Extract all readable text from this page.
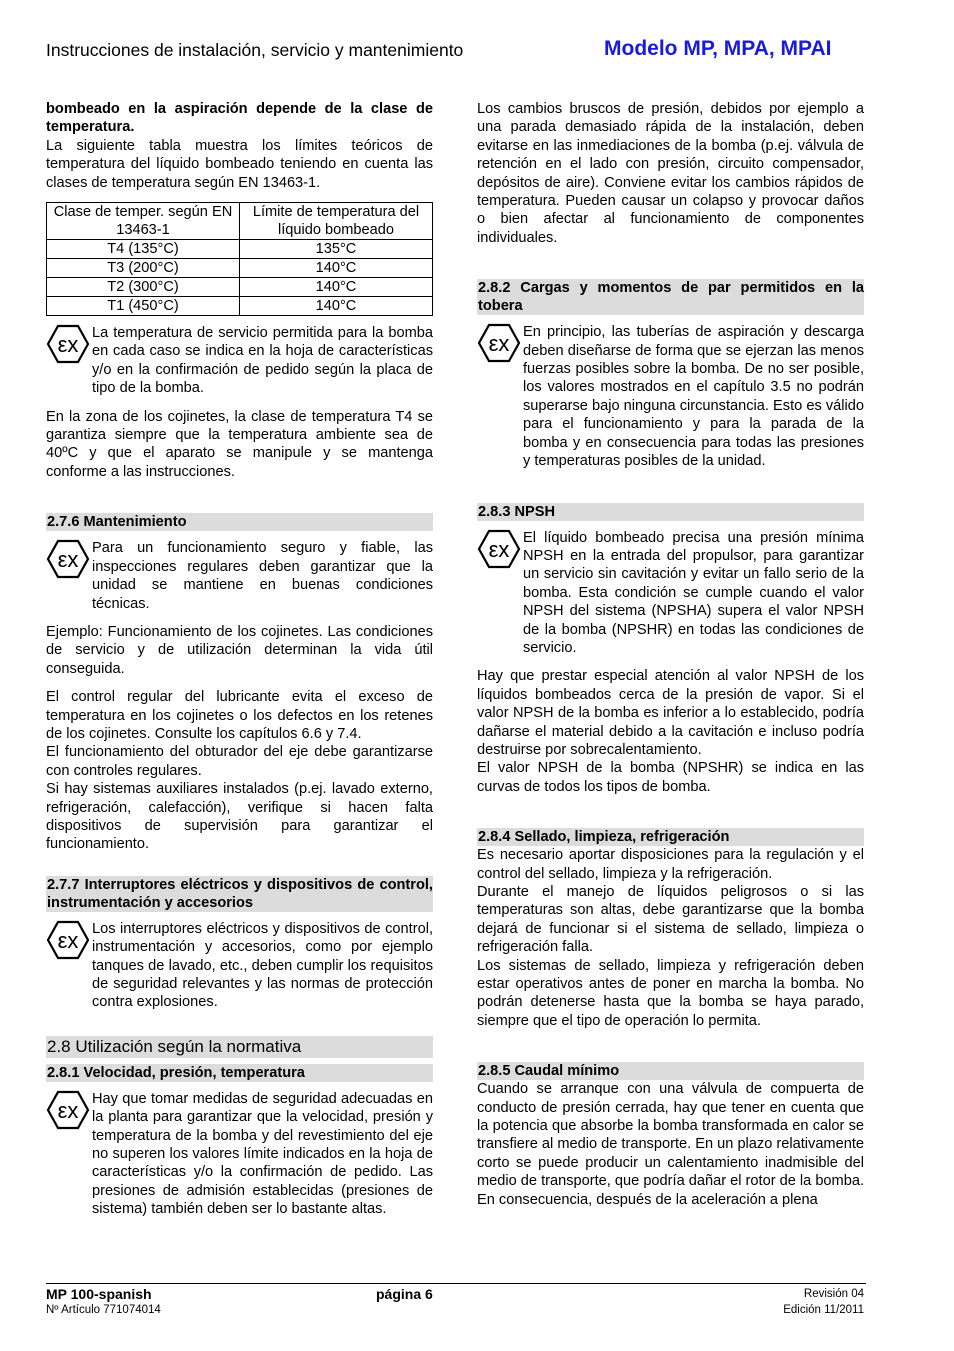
Instrucciones de instalación, servicio y mantenimiento	Modelo MP, MPA, MPAI

bombeado en la aspiración depende de la clase de temperatura.

La siguiente tabla muestra los límites teóricos de temperatura del líquido bombeado teniendo en cuenta las clases de temperatura según EN 13463-1.

Clase de temper. según EN 13463-1	Límite de temperatura del líquido bombeado
T4 (135°C)	135°C
T3 (200°C)	140°C
T2 (300°C)	140°C
T1 (450°C)	140°C
εx La temperatura de servicio permitida para la bomba en cada caso se indica en la hoja de características y/o en la confirmación de pedido según la placa de tipo de la bomba.

En la zona de los cojinetes, la clase de temperatura T4 se garantiza siempre que la temperatura ambiente sea de 40ºC y que el aparato se manipule y se mantenga conforme a las instrucciones.

2.7.6 Mantenimiento
εx Para un funcionamiento seguro y fiable, las inspecciones regulares deben garantizar que la unidad se mantiene en buenas condiciones técnicas.

Ejemplo: Funcionamiento de los cojinetes. Las condiciones de servicio y de utilización determinan la vida útil conseguida.

El control regular del lubricante evita el exceso de temperatura en los cojinetes o los defectos en los retenes de los cojinetes. Consulte los capítulos 6.6 y 7.4.

El funcionamiento del obturador del eje debe garantizarse con controles regulares.

Si hay sistemas auxiliares instalados (p.ej. lavado externo, refrigeración, calefacción), verifique si hacen falta dispositivos de supervisión para garantizar el funcionamiento.

2.7.7 Interruptores eléctricos y dispositivos de control, instrumentación y accesorios
εx Los interruptores eléctricos y dispositivos de control, instrumentación y accesorios, como por ejemplo tanques de lavado, etc., deben cumplir los requisitos de seguridad relevantes y las normas de protección contra explosiones.

2.8 Utilización según la normativa
2.8.1 Velocidad, presión, temperatura
εx Hay que tomar medidas de seguridad adecuadas en la planta para garantizar que la velocidad, presión y temperatura de la bomba y del revestimiento del eje no superen los valores límite indicados en la hoja de características y/o la confirmación de pedido. Las presiones de admisión establecidas (presiones de sistema) también deben ser lo bastante altas.

Los cambios bruscos de presión, debidos por ejemplo a una parada demasiado rápida de la instalación, deben evitarse en las inmediaciones de la bomba (p.ej. válvula de retención en el lado con presión, circuito compensador, depósitos de aire). Conviene evitar los cambios rápidos de temperatura. Pueden causar un colapso y provocar daños o bien afectar al funcionamiento de componentes individuales.

2.8.2 Cargas y momentos de par permitidos en la tobera
εx En principio, las tuberías de aspiración y descarga deben diseñarse de forma que se ejerzan las menos fuerzas posibles sobre la bomba. De no ser posible, los valores mostrados en el capítulo 3.5 no podrán superarse bajo ninguna circunstancia. Esto es válido para el funcionamiento y para la parada de la bomba y en consecuencia para todas las presiones y temperaturas posibles de la unidad.

2.8.3 NPSH
εx El líquido bombeado precisa una presión mínima NPSH en la entrada del propulsor, para garantizar un servicio sin cavitación y evitar un fallo serio de la bomba. Esta condición se cumple cuando el valor NPSH del sistema (NPSHA) supera el valor NPSH de la bomba (NPSHR) en todas las condiciones de servicio.

Hay que prestar especial atención al valor NPSH de los líquidos bombeados cerca de la presión de vapor. Si el valor NPSH de la bomba es inferior a lo establecido, podría dañarse el material debido a la cavitación e incluso podría destruirse por sobrecalentamiento.

El valor NPSH de la bomba (NPSHR) se indica en las curvas de todos los tipos de bomba.

2.8.4 Sellado, limpieza, refrigeración

Es necesario aportar disposiciones para la regulación y el control del sellado, limpieza y la refrigeración.

Durante el manejo de líquidos peligrosos o si las temperaturas son altas, debe garantizarse que la bomba dejará de funcionar si el sistema de sellado, limpieza o refrigeración falla.

Los sistemas de sellado, limpieza y refrigeración deben estar operativos antes de poner en marcha la bomba. No podrán detenerse hasta que la bomba se haya parado, siempre que el tipo de operación lo permita.

2.8.5 Caudal mínimo

Cuando se arranque con una válvula de compuerta de conducto de presión cerrada, hay que tener en cuenta que la potencia que absorbe la bomba transformada en calor se transfiere al medio de transporte. En un plazo relativamente corto se puede producir un calentamiento inadmisible del medio de transporte, que podría dañar el rotor de la bomba. En consecuencia, después de la aceleración a plena

MP 100-spanish
Nº Artículo 771074014
página 6	Revisión 04
Edición 11/2011
